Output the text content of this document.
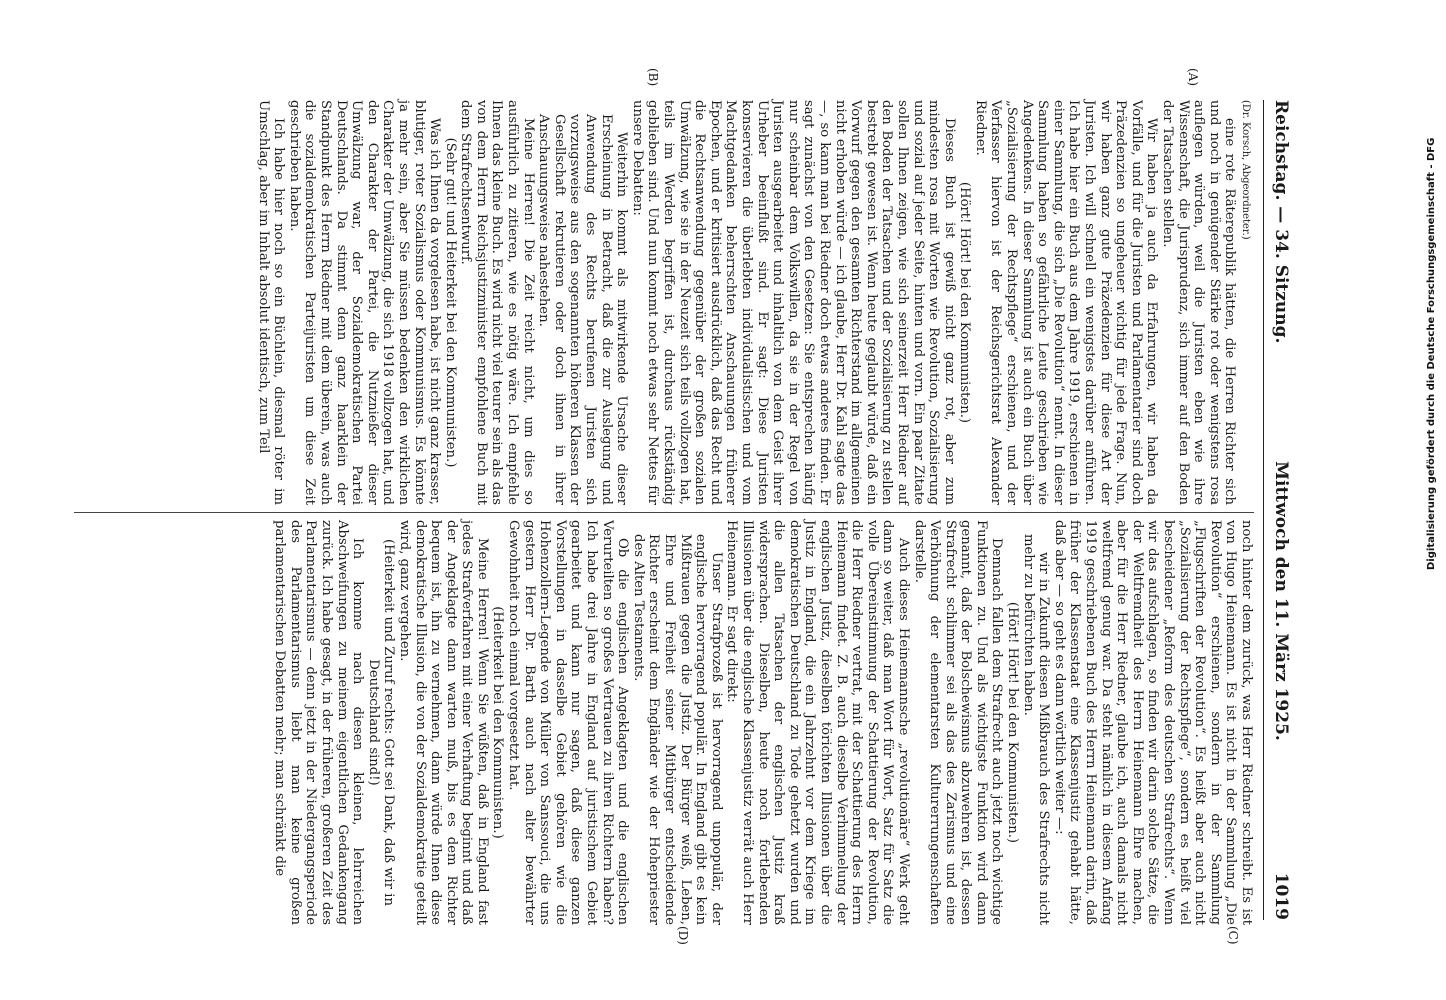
Reichstag. — 34. Sitzung.
Mittwoch den 11. März 1925.  1019
(A)
(B)
(C)
(D)

(Dr. Korsch, Abgeordneter.)

eine rote Räterepublik hätten, die Herren Richter sich und noch in genügender Stärke rot oder wenigstens rosa auflegen würden, weil die Juristen eben wie ihre Wissenschaft, die Jurisprudenz, sich immer auf den Boden der Tatsachen stellen.

Wir haben ja auch da Erfahrungen, wir haben da Vorfälle, und für die Juristen und Parlamentarier sind doch Präzedenzien so ungeheuer wichtig für jede Frage. Nun, wir haben ganz gute Präzedenzien für diese Art der Juristen. Ich will schnell ein wenigstes darüber anführen. Ich habe hier ein Buch aus dem Jahre 1919, erschienen in einer Sammlung, die sich „Die Revolution“ nennt. In dieser Sammlung haben so gefährliche Leute geschrieben wie Angedenkens. In dieser Sammlung ist auch ein Buch über „Sozialisierung der Rechtspflege“ erschienen, und der Verfasser hiervon ist der Reichsgerichtsrat Alexander Riedner.

(Hört! Hört! bei den Kommunisten.)

Dieses Buch ist gewiß nicht ganz rot, aber zum mindesten rosa mit Worten wie Revolution, Sozialisierung und sozial auf jeder Seite, hinten und vorn. Ein paar Zitate sollen Ihnen zeigen, wie sich seinerzeit Herr Riedner auf den Boden der Tatsachen und der Sozialisierung zu stellen bestrebt gewesen ist. Wenn heute geglaubt würde, daß ein Vorwurf gegen den gesamten Richterstand im allgemeinen nicht erhoben würde — ich glaube, Herr Dr. Kahl sagte das —, so kann man bei Riedner doch etwas anderes finden. Er sagt zunächst von den Gesetzen: Sie entsprechen häufig nur scheinbar dem Volkswillen, da sie in der Regel von Juristen ausgearbeitet und inhaltlich von dem Geist ihrer Urheber beeinflußt sind. Er sagt: Diese Juristen konservieren die überlebten individualistischen und vom Machtgedanken beherrschten Anschauungen früherer Epochen, und er kritisiert ausdrücklich, daß das Recht und die Rechtsanwendung gegenüber der großen sozialen Umwälzung, wie sie in der Neuzeit sich teils vollzogen hat, teils im Werden begriffen ist, durchaus rückständig geblieben sind. Und nun kommt noch etwas sehr Nettes für unsere Debatten:

Weiterhin kommt als mitwirkende Ursache dieser Erscheinung in Betracht, daß die zur Auslegung und Anwendung des Rechts berufenen Juristen sich vorzugsweise aus den sogenannten höheren Klassen der Gesellschaft rekrutieren oder doch ihnen in ihrer Anschauungsweise nahestehen.

Meine Herren! Die Zeit reicht nicht, um dies so ausführlich zu zitieren, wie es nötig wäre. Ich empfehle Ihnen das kleine Buch. Es wird nicht viel teurer sein als das von dem Herrn Reichsjustizminister empfohlene Buch mit dem Strafrechtsentwurf.

(Sehr gut! und Heiterkeit bei den Kommunisten.)

Was ich Ihnen da vorgelesen habe, ist nicht ganz krasser, blutiger, roter Sozialismus oder Kommunismus. Es könnte ja mehr sein, aber Sie müssen bedenken den wirklichen Charakter der Umwälzung, die sich 1918 vollzogen hat, und den Charakter der Partei, die Nutznießer dieser Umwälzung war, der Sozialdemokratischen Partei Deutschlands. Da stimmt denn ganz haarklein der Standpunkt des Herrn Riedner mit dem überein, was auch die sozialdemokratischen Parteijuristen um diese Zeit geschrieben haben.

Ich habe hier noch so ein Büchlein, diesmal röter im Umschlag, aber im Inhalt absolut identisch, zum Teil

noch hinter dem zurück, was Herr Riedner schreibt. Es ist von Hugo Heinemann. Es ist nicht in der Sammlung „Die Revolution“ erschienen, sondern in der Sammlung „Flugschriften der Revolution“. Es heißt aber auch nicht „Sozialisierung der Rechtspflege“, sondern es heißt viel bescheidener „Reform des deutschen Strafrechts“. Wenn wir das aufschlagen, so finden wir darin solche Sätze, die der Weltfremdheit des Herrn Heinemann Ehre machen, aber für die Herr Riedner, glaube ich, auch damals nicht weltfremd genug war. Da steht nämlich in diesem Anfang 1919 geschriebenen Buch des Herrn Heinemann darin, daß früher der Klassenstaat eine Klassenjustiz gehabt hätte, daß aber — so geht es dann wörtlich weiter —:

wir in Zukunft diesen Mißbrauch des Strafrechts nicht mehr zu befürchten haben.

(Hört! Hört! bei den Kommunisten.)

Demnach fallen dem Strafrecht auch jetzt noch wichtige Funktionen zu. Und als wichtigste Funktion wird dann genannt, daß der Bolschewismus abzuwehren ist, dessen Strafrecht schlimmer sei als das des Zarismus und eine Verhöhnung der elementarsten Kulturerrungenschaften darstelle.

Auch dieses Heinemannsche „revolutionäre“ Werk geht dann so weiter, daß man Wort für Wort, Satz für Satz die volle Übereinstimmung der Schattierung der Revolution, die Herr Riedner vertrat, mit der Schattierung des Herrn Heinemann findet. Z. B. auch dieselbe Verhimmelung der englischen Justiz, dieselben törichten Illusionen über die Justiz in England, die ein Jahrzehnt vor dem Kriege im demokratischen Deutschland zu Tode gehetzt wurden und die allen Tatsachen der englischen Justiz kraß widersprachen. Dieselben, heute noch fortlebenden Illusionen über die englische Klassenjustiz verrät auch Herr Heinemann. Er sagt direkt:

Unser Strafprozeß ist hervorragend unpopulär, der englische hervorragend populär. In England gibt es kein Mißtrauen gegen die Justiz. Der Bürger weiß, Leben, Ehre und Freiheit seiner Mitbürger entscheidende Richter erscheint dem Engländer wie der Hohepriester des Alten Testaments.

Ob die englischen Angeklagten und die englischen Verurteilten so großes Vertrauen zu ihren Richtern haben? Ich habe drei Jahre in England auf juristischem Gebiet gearbeitet und kann nur sagen, daß diese ganzen Vorstellungen in dasselbe Gebiet gehören wie die Hohenzollern-Legende von Müller von Sanssouci, die uns gestern Herr Dr. Barth auch nach alter bewährter Gewohnheit noch einmal vorgesetzt hat.

(Heiterkeit bei den Kommunisten.)

Meine Herren! Wenn Sie wüßten, daß in England fast jedes Strafverfahren mit einer Verhaftung beginnt und daß der Angeklagte dann warten muß, bis es dem Richter bequem ist, ihn zu vernehmen, dann würde Ihnen diese demokratische Illusion, die von der Sozialdemokratie geteilt wird, ganz vergehen.

(Heiterkeit und Zuruf rechts: Gott sei Dank, daß wir in Deutschland sind!)

Ich komme nach diesen kleinen, lehrreichen Abschweifungen zu meinem eigentlichen Gedankengang zurück. Ich habe gesagt, in der früheren, großeren Zeit des Parlamentarismus — denn jetzt in der Niedergangsperiode des Parlamentarismus liebt man keine großen parlamentarischen Debatten mehr; man schränkt die

Digitalisierung gefördert durch die Deutsche Forschungsgemeinschaft - DFG
